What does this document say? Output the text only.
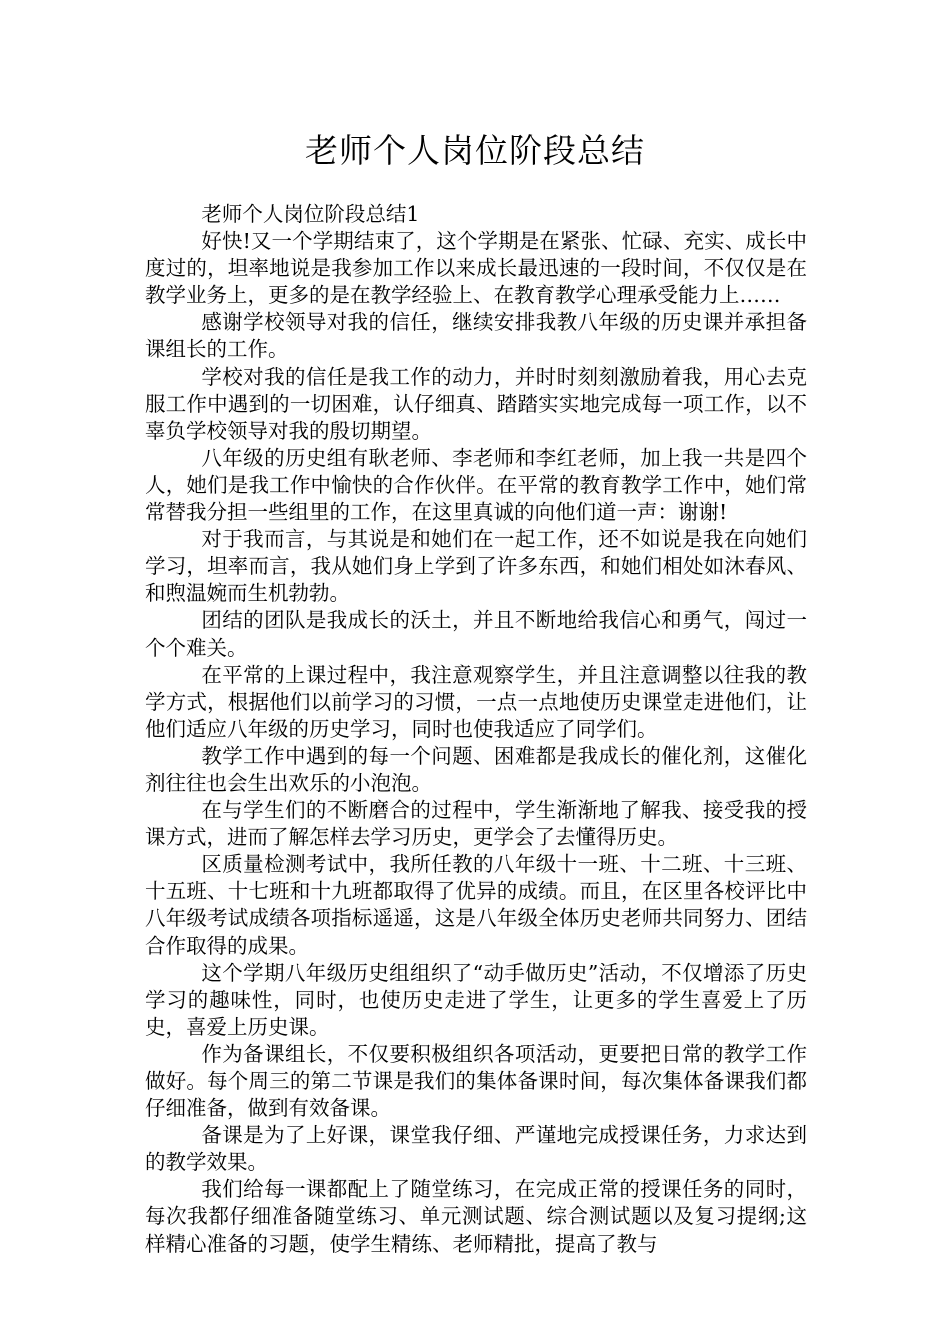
老师个人岗位阶段总结

老师个人岗位阶段总结1

好快!又一个学期结束了，这个学期是在紧张、忙碌、充实、成长中度过的，坦率地说是我参加工作以来成长最迅速的一段时间，不仅仅是在教学业务上，更多的是在教学经验上、在教育教学心理承受能力上……

感谢学校领导对我的信任，继续安排我教八年级的历史课并承担备课组长的工作。

学校对我的信任是我工作的动力，并时时刻刻激励着我，用心去克服工作中遇到的一切困难，认仔细真、踏踏实实地完成每一项工作，以不辜负学校领导对我的殷切期望。

八年级的历史组有耿老师、李老师和李红老师，加上我一共是四个人，她们是我工作中愉快的合作伙伴。在平常的教育教学工作中，她们常常替我分担一些组里的工作，在这里真诚的向他们道一声：谢谢!

对于我而言，与其说是和她们在一起工作，还不如说是我在向她们学习，坦率而言，我从她们身上学到了许多东西，和她们相处如沐春风、和煦温婉而生机勃勃。

团结的团队是我成长的沃土，并且不断地给我信心和勇气，闯过一个个难关。

在平常的上课过程中，我注意观察学生，并且注意调整以往我的教学方式，根据他们以前学习的习惯，一点一点地使历史课堂走进他们，让他们适应八年级的历史学习，同时也使我适应了同学们。

教学工作中遇到的每一个问题、困难都是我成长的催化剂，这催化剂往往也会生出欢乐的小泡泡。

在与学生们的不断磨合的过程中，学生渐渐地了解我、接受我的授课方式，进而了解怎样去学习历史，更学会了去懂得历史。

区质量检测考试中，我所任教的八年级十一班、十二班、十三班、十五班、十七班和十九班都取得了优异的成绩。而且，在区里各校评比中八年级考试成绩各项指标遥遥，这是八年级全体历史老师共同努力、团结合作取得的成果。

这个学期八年级历史组组织了“动手做历史”活动，不仅增添了历史学习的趣味性，同时，也使历史走进了学生，让更多的学生喜爱上了历史，喜爱上历史课。

作为备课组长，不仅要积极组织各项活动，更要把日常的教学工作做好。每个周三的第二节课是我们的集体备课时间，每次集体备课我们都仔细准备，做到有效备课。

备课是为了上好课，课堂我仔细、严谨地完成授课任务，力求达到的教学效果。

我们给每一课都配上了随堂练习，在完成正常的授课任务的同时，每次我都仔细准备随堂练习、单元测试题、综合测试题以及复习提纲;这样精心准备的习题，使学生精练、老师精批，提高了教与
